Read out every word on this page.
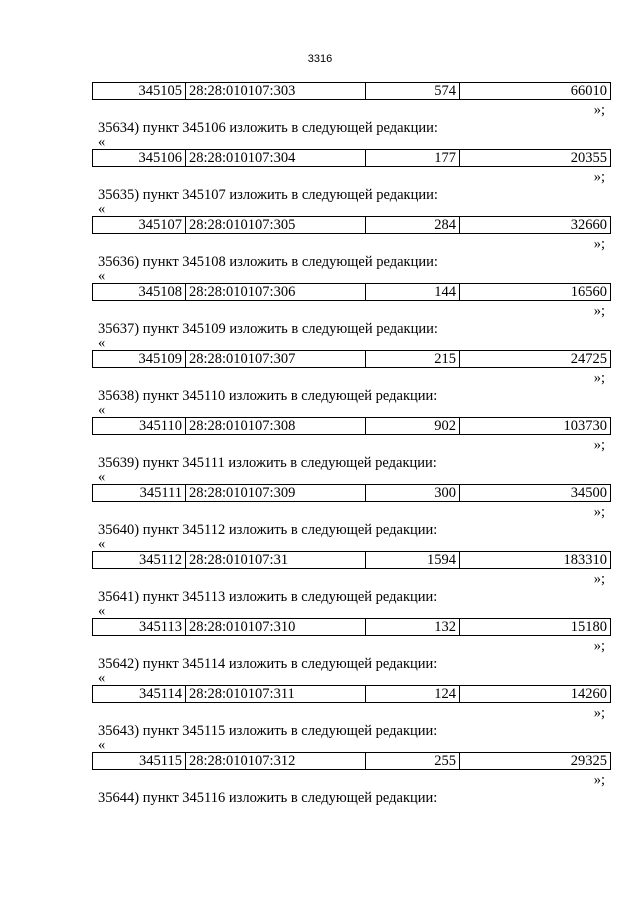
3316
345105	28:28:010107:303	574	66010
»;
35634) пункт 345106 изложить в следующей редакции:
«
345106	28:28:010107:304	177	20355
»;
35635) пункт 345107 изложить в следующей редакции:
«
345107	28:28:010107:305	284	32660
»;
35636) пункт 345108 изложить в следующей редакции:
«
345108	28:28:010107:306	144	16560
»;
35637) пункт 345109 изложить в следующей редакции:
«
345109	28:28:010107:307	215	24725
»;
35638) пункт 345110 изложить в следующей редакции:
«
345110	28:28:010107:308	902	103730
»;
35639) пункт 345111 изложить в следующей редакции:
«
345111	28:28:010107:309	300	34500
»;
35640) пункт 345112 изложить в следующей редакции:
«
345112	28:28:010107:31	1594	183310
»;
35641) пункт 345113 изложить в следующей редакции:
«
345113	28:28:010107:310	132	15180
»;
35642) пункт 345114 изложить в следующей редакции:
«
345114	28:28:010107:311	124	14260
»;
35643) пункт 345115 изложить в следующей редакции:
«
345115	28:28:010107:312	255	29325
»;
35644) пункт 345116 изложить в следующей редакции:
